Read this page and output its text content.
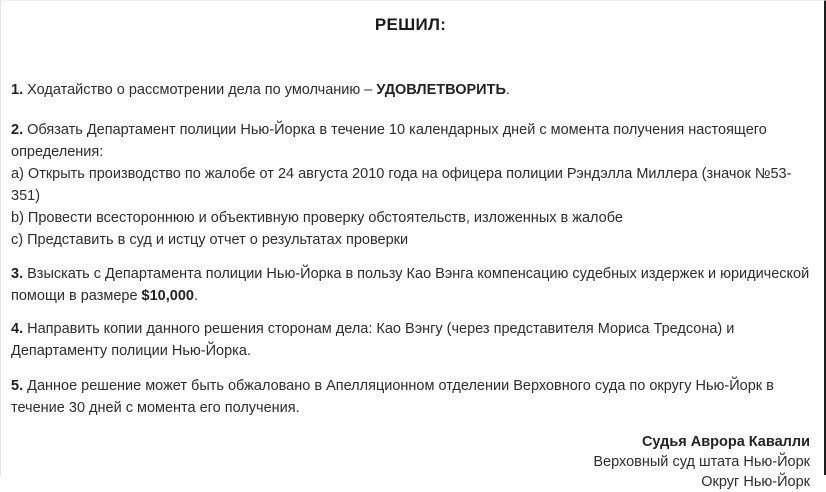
РЕШИЛ:

1. Ходатайство о рассмотрении дела по умолчанию – УДОВЛЕТВОРИТЬ.

2. Обязать Департамент полиции Нью-Йорка в течение 10 календарных дней с момента получения настоящего определения:
a) Открыть производство по жалобе от 24 августа 2010 года на офицера полиции Рэндэлла Миллера (значок №53-351)
b) Провести всестороннюю и объективную проверку обстоятельств, изложенных в жалобе
c) Представить в суд и истцу отчет о результатах проверки

3. Взыскать с Департамента полиции Нью-Йорка в пользу Као Вэнга компенсацию судебных издержек и юридической помощи в размере $10,000.

4. Направить копии данного решения сторонам дела: Као Вэнгу (через представителя Мориса Тредсона) и Департаменту полиции Нью-Йорка.

5. Данное решение может быть обжаловано в Апелляционном отделении Верховного суда по округу Нью-Йорк в течение 30 дней с момента его получения.

Судья Аврора Кавалли
Верховный суд штата Нью-Йорк
Округ Нью-Йорк
